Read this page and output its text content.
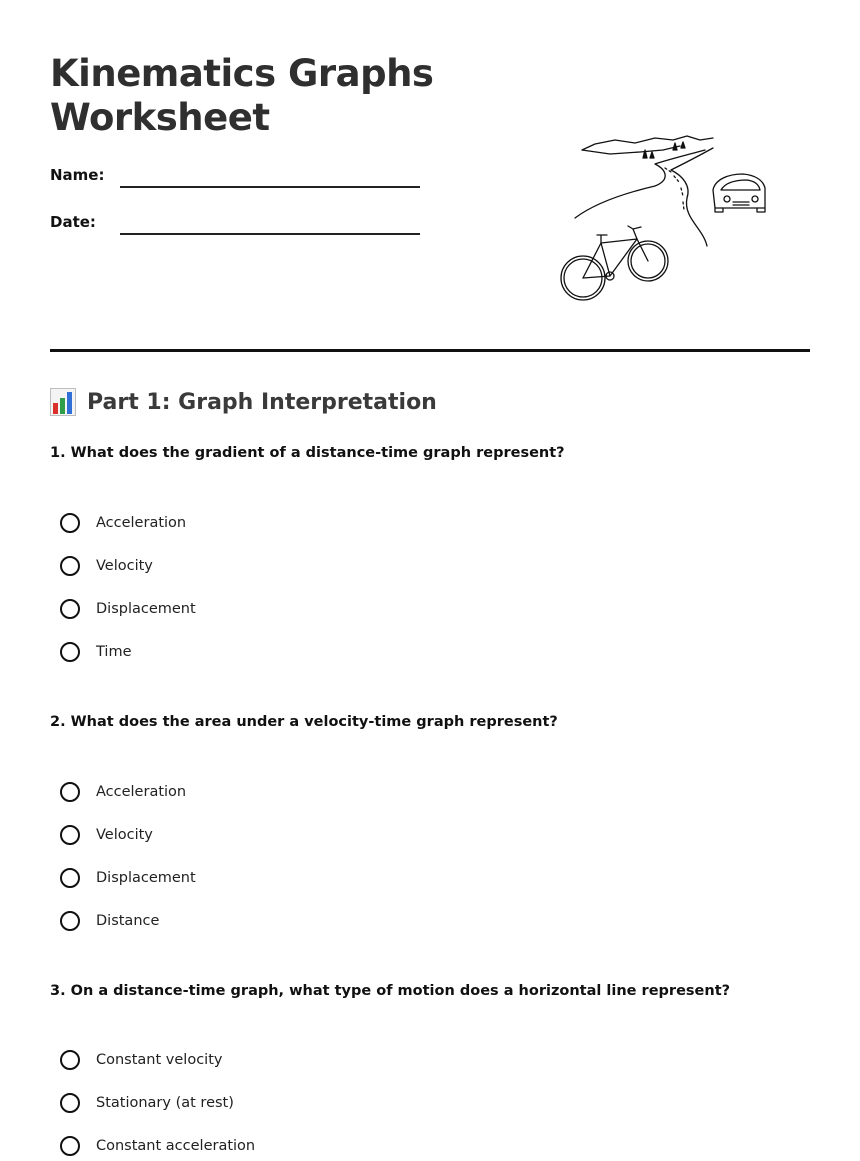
Kinematics Graphs
Worksheet
Name:
Date:
Part 1: Graph Interpretation

1. What does the gradient of a distance-time graph represent?

Acceleration
Velocity
Displacement
Time

2. What does the area under a velocity-time graph represent?

Acceleration
Velocity
Displacement
Distance

3. On a distance-time graph, what type of motion does a horizontal line represent?

Constant velocity
Stationary (at rest)
Constant acceleration
